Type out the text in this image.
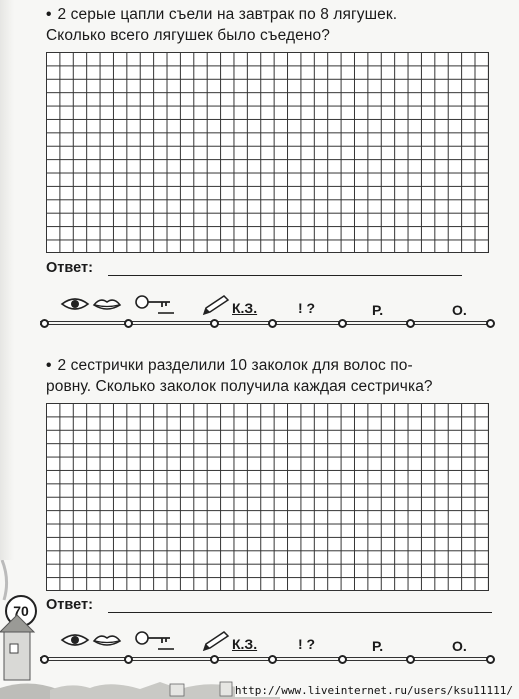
• 2 серые цапли съели на завтрак по 8 лягушек.
Сколько всего лягушек было съедено?
Ответ:
К.З.	! ?	Р.	О.
• 2 сестрички разделили 10 заколок для волос по-
ровну. Сколько заколок получила каждая сестричка?
Ответ:
К.З.	! ?	Р.	О.
70
http://www.liveinternet.ru/users/ksu11111/
